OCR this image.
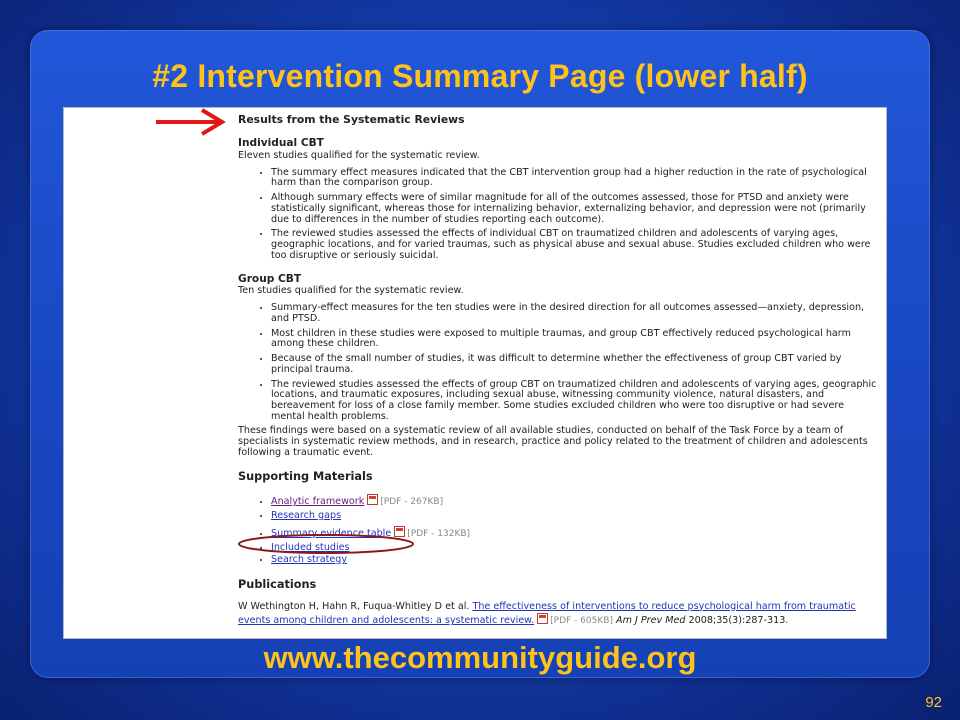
#2 Intervention Summary Page (lower half)
Results from the Systematic Reviews
Individual CBT

Eleven studies qualified for the systematic review.

• The summary effect measures indicated that the CBT intervention group had a higher reduction in the rate of psychological harm than the comparison group.
• Although summary effects were of similar magnitude for all of the outcomes assessed, those for PTSD and anxiety were statistically significant, whereas those for internalizing behavior, externalizing behavior, and depression were not (primarily due to differences in the number of studies reporting each outcome).
• The reviewed studies assessed the effects of individual CBT on traumatized children and adolescents of varying ages, geographic locations, and for varied traumas, such as physical abuse and sexual abuse. Studies excluded children who were too disruptive or seriously suicidal.
Group CBT

Ten studies qualified for the systematic review.

• Summary-effect measures for the ten studies were in the desired direction for all outcomes assessed—anxiety, depression, and PTSD.
• Most children in these studies were exposed to multiple traumas, and group CBT effectively reduced psychological harm among these children.
• Because of the small number of studies, it was difficult to determine whether the effectiveness of group CBT varied by principal trauma.
• The reviewed studies assessed the effects of group CBT on traumatized children and adolescents of varying ages, geographic locations, and traumatic exposures, including sexual abuse, witnessing community violence, natural disasters, and bereavement for loss of a close family member. Some studies excluded children who were too disruptive or had severe mental health problems.

These findings were based on a systematic review of all available studies, conducted on behalf of the Task Force by a team of specialists in systematic review methods, and in research, practice and policy related to the treatment of children and adolescents following a traumatic event.

Supporting Materials
• Analytic framework [PDF - 267KB]
• Research gaps
• Summary evidence table [PDF - 132KB]
• Included studies
• Search strategy
Publications

W Wethington H, Hahn R, Fuqua-Whitley D et al. The effectiveness of interventions to reduce psychological harm from traumatic events among children and adolescents: a systematic review. [PDF - 605KB] Am J Prev Med 2008;35(3):287-313.

www.thecommunityguide.org
92
